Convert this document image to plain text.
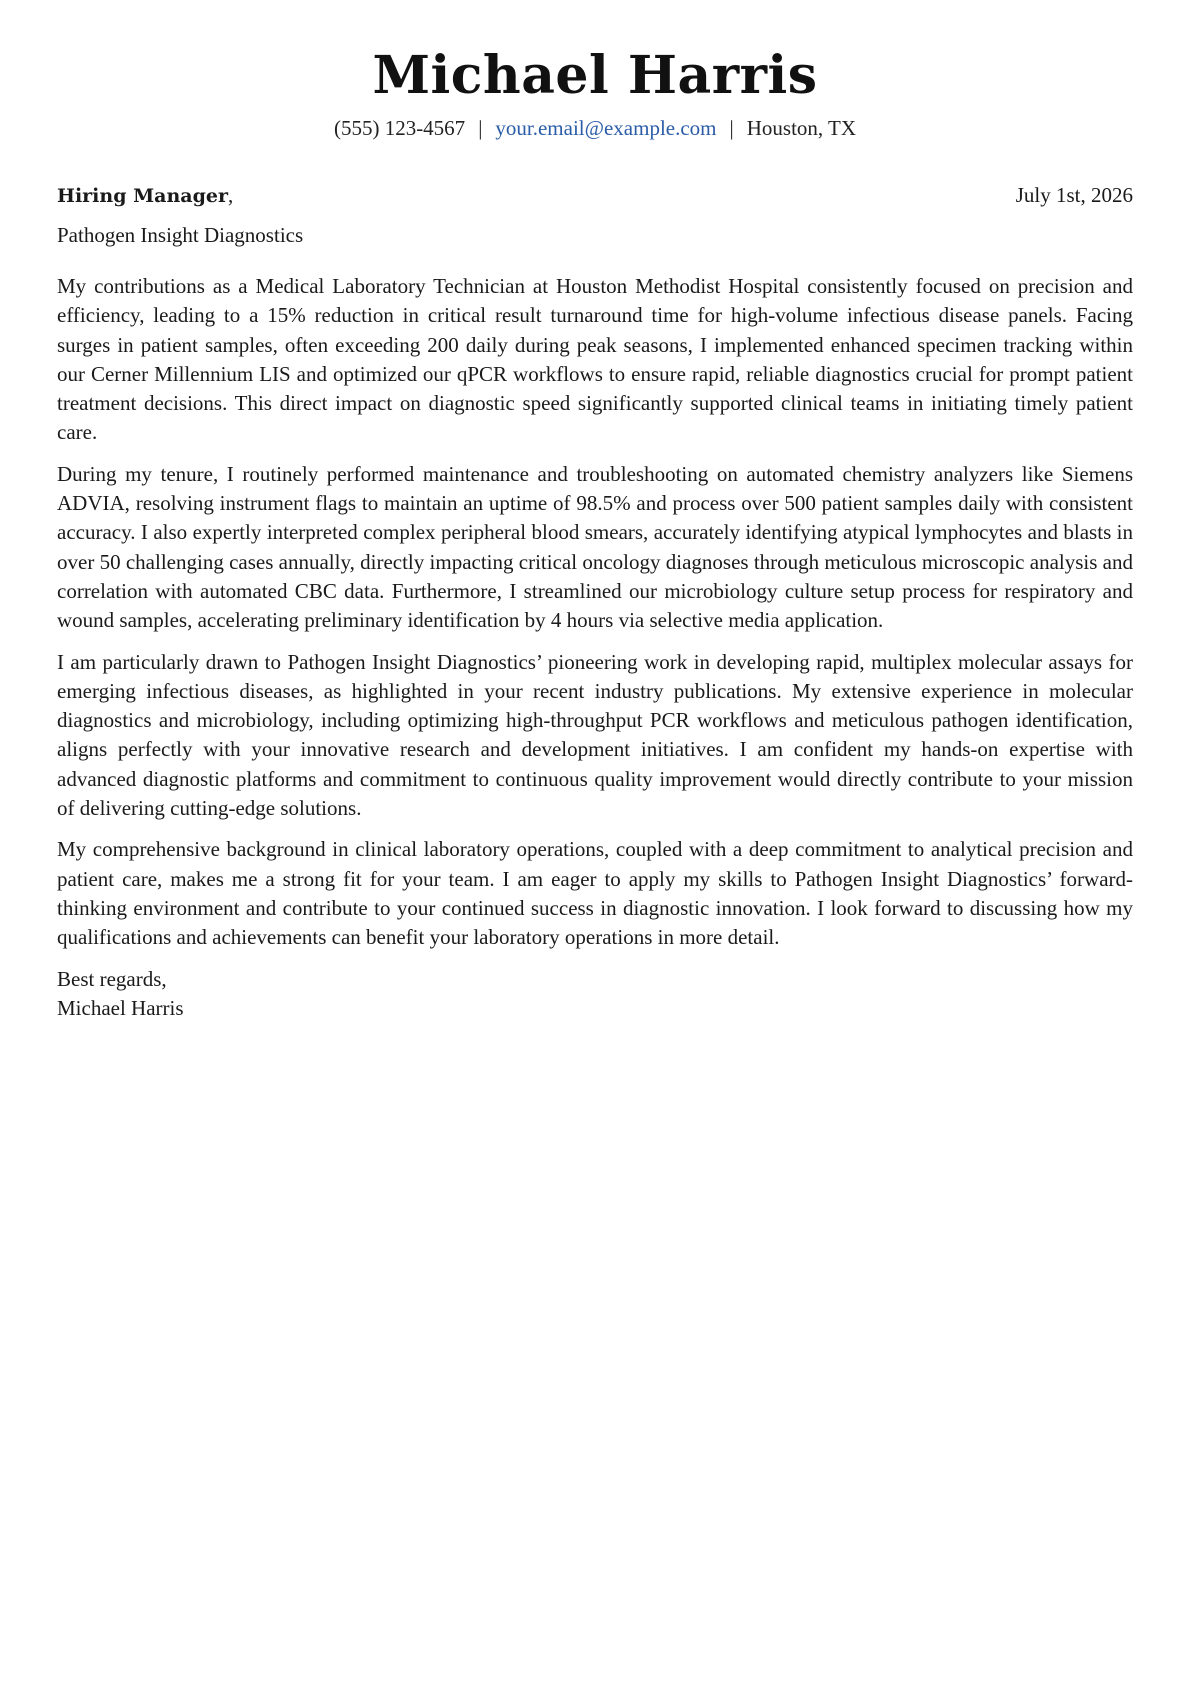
Michael Harris
(555) 123-4567 | your.email@example.com | Houston, TX
Hiring Manager,	July 1st, 2026
Pathogen Insight Diagnostics

My contributions as a Medical Laboratory Technician at Houston Methodist Hospital consistently focused on precision and efficiency, leading to a 15% reduction in critical result turnaround time for high-volume infectious disease panels. Facing surges in patient samples, often exceeding 200 daily during peak seasons, I implemented enhanced specimen tracking within our Cerner Millennium LIS and optimized our qPCR workflows to ensure rapid, reliable diagnostics crucial for prompt patient treatment decisions. This direct impact on diagnostic speed significantly supported clinical teams in initiating timely patient care.

During my tenure, I routinely performed maintenance and troubleshooting on automated chemistry analyzers like Siemens ADVIA, resolving instrument flags to maintain an uptime of 98.5% and process over 500 patient samples daily with consistent accuracy. I also expertly interpreted complex peripheral blood smears, accurately identifying atypical lymphocytes and blasts in over 50 challenging cases annually, directly impacting critical oncology diagnoses through meticulous microscopic analysis and correlation with automated CBC data. Furthermore, I streamlined our microbiology culture setup process for respiratory and wound samples, accelerating preliminary identification by 4 hours via selective media application.

I am particularly drawn to Pathogen Insight Diagnostics’ pioneering work in developing rapid, multiplex molecular assays for emerging infectious diseases, as highlighted in your recent industry publications. My extensive experience in molecular diagnostics and microbiology, including optimizing high-throughput PCR workflows and meticulous pathogen identification, aligns perfectly with your innovative research and development initiatives. I am confident my hands-on expertise with advanced diagnostic platforms and commitment to continuous quality improvement would directly contribute to your mission of delivering cutting-edge solutions.

My comprehensive background in clinical laboratory operations, coupled with a deep commitment to analytical precision and patient care, makes me a strong fit for your team. I am eager to apply my skills to Pathogen Insight Diagnostics’ forward-thinking environment and contribute to your continued success in diagnostic innovation. I look forward to discussing how my qualifications and achievements can benefit your laboratory operations in more detail.

Best regards,
Michael Harris
